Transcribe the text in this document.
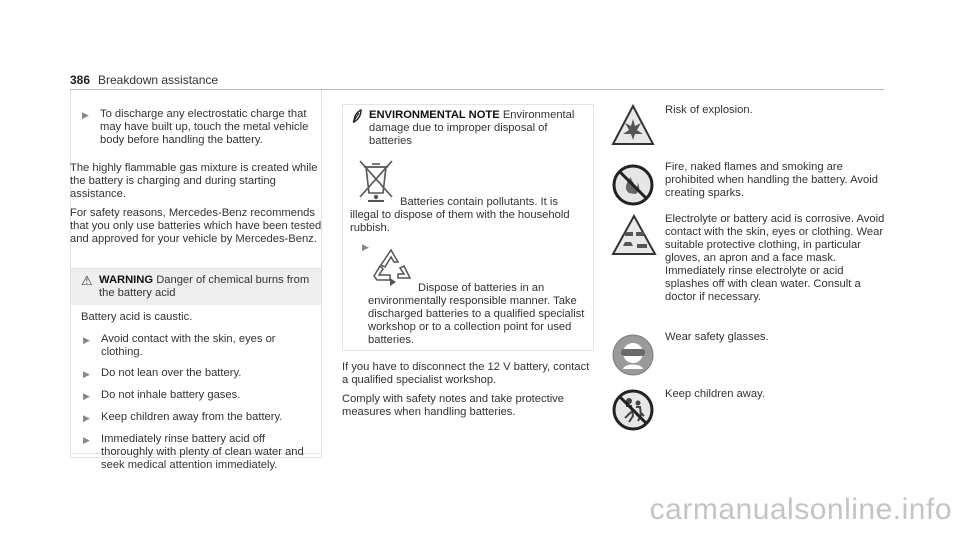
386 Breakdown assistance
▶ To discharge any electrostatic charge that may have built up, touch the metal vehicle body before handling the battery.

The highly flammable gas mixture is created while the battery is charging and during starting assistance.

For safety reasons, Mercedes-Benz recommends that you only use batteries which have been tested and approved for your vehicle by Mercedes-Benz.

⚠ WARNING Danger of chemical burns from the battery acid

Battery acid is caustic.

▶ Avoid contact with the skin, eyes or clothing.
▶ Do not lean over the battery.
▶ Do not inhale battery gases.
▶ Keep children away from the battery.
▶ Immediately rinse battery acid off thoroughly with plenty of clean water and seek medical attention immediately.
ENVIRONMENTAL NOTE Environmental damage due to improper disposal of batteries

Batteries contain pollutants. It is illegal to dispose of them with the household rubbish.

▶

Dispose of batteries in an environmentally responsible manner. Take discharged batteries to a qualified specialist workshop or to a collection point for used batteries.

If you have to disconnect the 12 V battery, contact a qualified specialist workshop.

Comply with safety notes and take protective measures when handling batteries.

Risk of explosion.

Fire, naked flames and smoking are prohibited when handling the battery. Avoid creating sparks.

Electrolyte or battery acid is corrosive. Avoid contact with the skin, eyes or clothing. Wear suitable protective clothing, in particular gloves, an apron and a face mask. Immediately rinse electrolyte or acid splashes off with clean water. Consult a doctor if necessary.

Wear safety glasses.

Keep children away.

carmanualsonline.info
